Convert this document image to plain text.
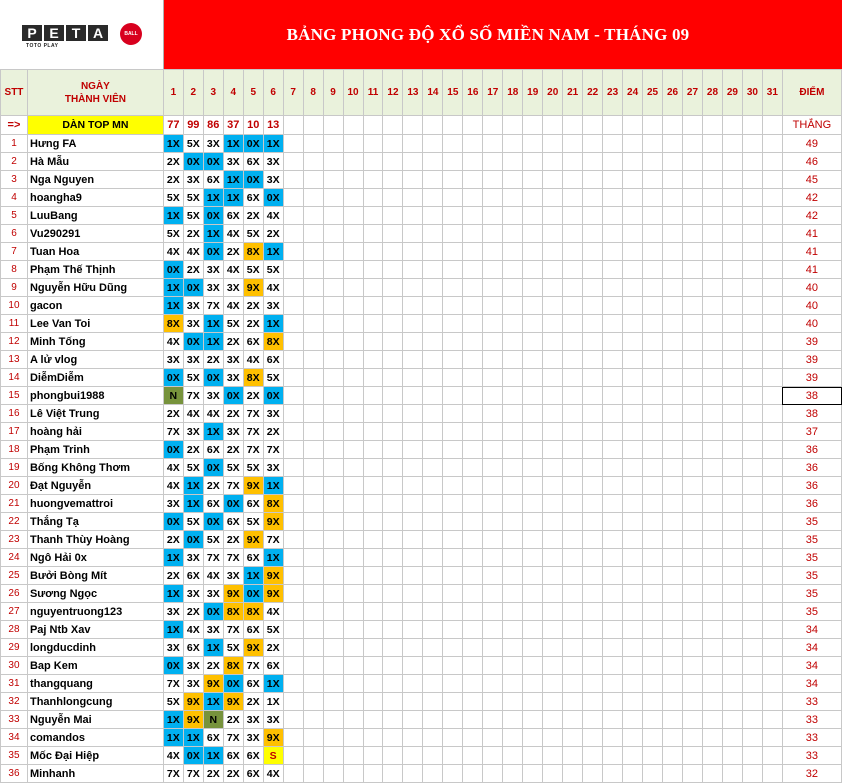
P E T A	BALL
TOTO PLAY
BẢNG PHONG ĐỘ XỔ SỐ MIỀN NAM - THÁNG 09
STT	NGÀY
THÀNH VIÊN	1	2	3	4	5	6	7	8	9	10	11	12	13	14	15	16	17	18	19	20	21	22	23	24	25	26	27	28	29	30	31	ĐIỂM
=>	DÀN TOP MN	77	99	86	37	10	13																										THẮNG
1	Hưng FA	1X	5X	3X	1X	0X	1X																										49
2	Hà Mẫu	2X	0X	0X	3X	6X	3X																										46
3	Nga Nguyen	2X	3X	6X	1X	0X	3X																										45
4	hoangha9	5X	5X	1X	1X	6X	0X																										42
5	LuuBang	1X	5X	0X	6X	2X	4X																										42
6	Vu290291	5X	2X	1X	4X	5X	2X																										41
7	Tuan Hoa	4X	4X	0X	2X	8X	1X																										41
8	Phạm Thế Thịnh	0X	2X	3X	4X	5X	5X																										41
9	Nguyễn Hữu Dũng	1X	0X	3X	3X	9X	4X																										40
10	gacon	1X	3X	7X	4X	2X	3X																										40
11	Lee Van Toi	8X	3X	1X	5X	2X	1X																										40
12	Minh Tống	4X	0X	1X	2X	6X	8X																										39
13	A lử vlog	3X	3X	2X	3X	4X	6X																										39
14	DiễmDiễm	0X	5X	0X	3X	8X	5X																										39
15	phongbui1988	N	7X	3X	0X	2X	0X																										38
16	Lê Việt Trung	2X	4X	4X	2X	7X	3X																										38
17	hoàng hải	7X	3X	1X	3X	7X	2X																										37
18	Phạm Trinh	0X	2X	6X	2X	7X	7X																										36
19	Bống Không Thơm	4X	5X	0X	5X	5X	3X																										36
20	Đạt Nguyễn	4X	1X	2X	7X	9X	1X																										36
21	huongvemattroi	3X	1X	6X	0X	6X	8X																										36
22	Thắng Tạ	0X	5X	0X	6X	5X	9X																										35
23	Thanh Thùy Hoàng	2X	0X	5X	2X	9X	7X																										35
24	Ngô Hải 0x	1X	3X	7X	7X	6X	1X																										35
25	Bưởi Bòng Mít	2X	6X	4X	3X	1X	9X																										35
26	Sương Ngọc	1X	3X	3X	9X	0X	9X																										35
27	nguyentruong123	3X	2X	0X	8X	8X	4X																										35
28	Paj Ntb Xav	1X	4X	3X	7X	6X	5X																										34
29	longducdinh	3X	6X	1X	5X	9X	2X																										34
30	Bap Kem	0X	3X	2X	8X	7X	6X																										34
31	thangquang	7X	3X	9X	0X	6X	1X																										34
32	Thanhlongcung	5X	9X	1X	9X	2X	1X																										33
33	Nguyễn Mai	1X	9X	N	2X	3X	3X																										33
34	comandos	1X	1X	6X	7X	3X	9X																										33
35	Mốc Đại Hiệp	4X	0X	1X	6X	6X	S																										33
36	Minhanh	7X	7X	2X	2X	6X	4X																										32
